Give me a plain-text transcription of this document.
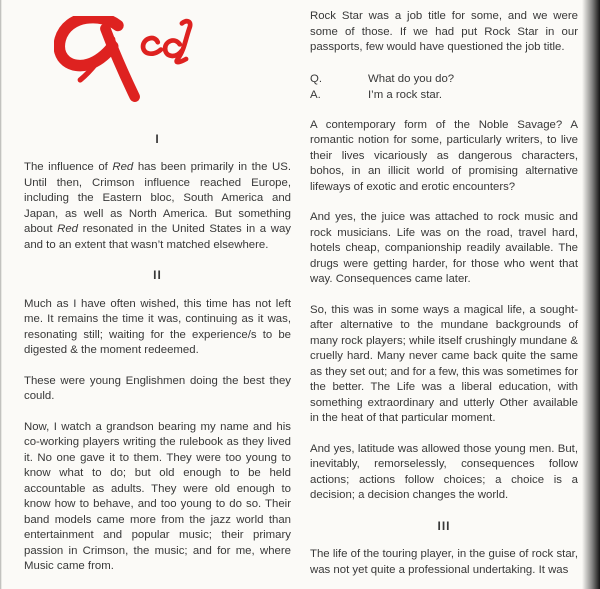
I

The influence of Red has been primarily in the US. Until then, Crimson influence reached Europe, including the Eastern bloc, South America and Japan, as well as North America. But something about Red resonated in the United States in a way and to an extent that wasn’t matched elsewhere.

II

Much as I have often wished, this time has not left me. It remains the time it was, continuing as it was, resonating still; waiting for the experience/s to be digested & the moment redeemed.

These were young Englishmen doing the best they could.

Now, I watch a grandson bearing my name and his co-working players writing the rulebook as they lived it. No one gave it to them. They were too young to know what to do; but old enough to be held accountable as adults. They were old enough to know how to behave, and too young to do so. Their band models came more from the jazz world than entertainment and popular music; their primary passion in Crimson, the music; and for me, where Music came from.

Rock Star was a job title for some, and we were some of those. If we had put Rock Star in our passports, few would have questioned the job title.

Q.	What do you do?
A.	I’m a rock star.

A contemporary form of the Noble Savage? A romantic notion for some, particularly writers, to live their lives vicariously as dangerous characters, bohos, in an illicit world of promising alternative lifeways of exotic and erotic encounters?

And yes, the juice was attached to rock music and rock musicians. Life was on the road, travel hard, hotels cheap, companionship readily available. The drugs were getting harder, for those who went that way. Consequences came later.

So, this was in some ways a magical life, a sought-after alternative to the mundane backgrounds of many rock players; while itself crushingly mundane & cruelly hard. Many never came back quite the same as they set out; and for a few, this was sometimes for the better. The Life was a liberal education, with something extraordinary and utterly Other available in the heat of that particular moment.

And yes, latitude was allowed those young men. But, inevitably, remorselessly, consequences follow actions; actions follow choices; a choice is a decision; a decision changes the world.

III

The life of the touring player, in the guise of rock star, was not yet quite a professional undertaking. It was
